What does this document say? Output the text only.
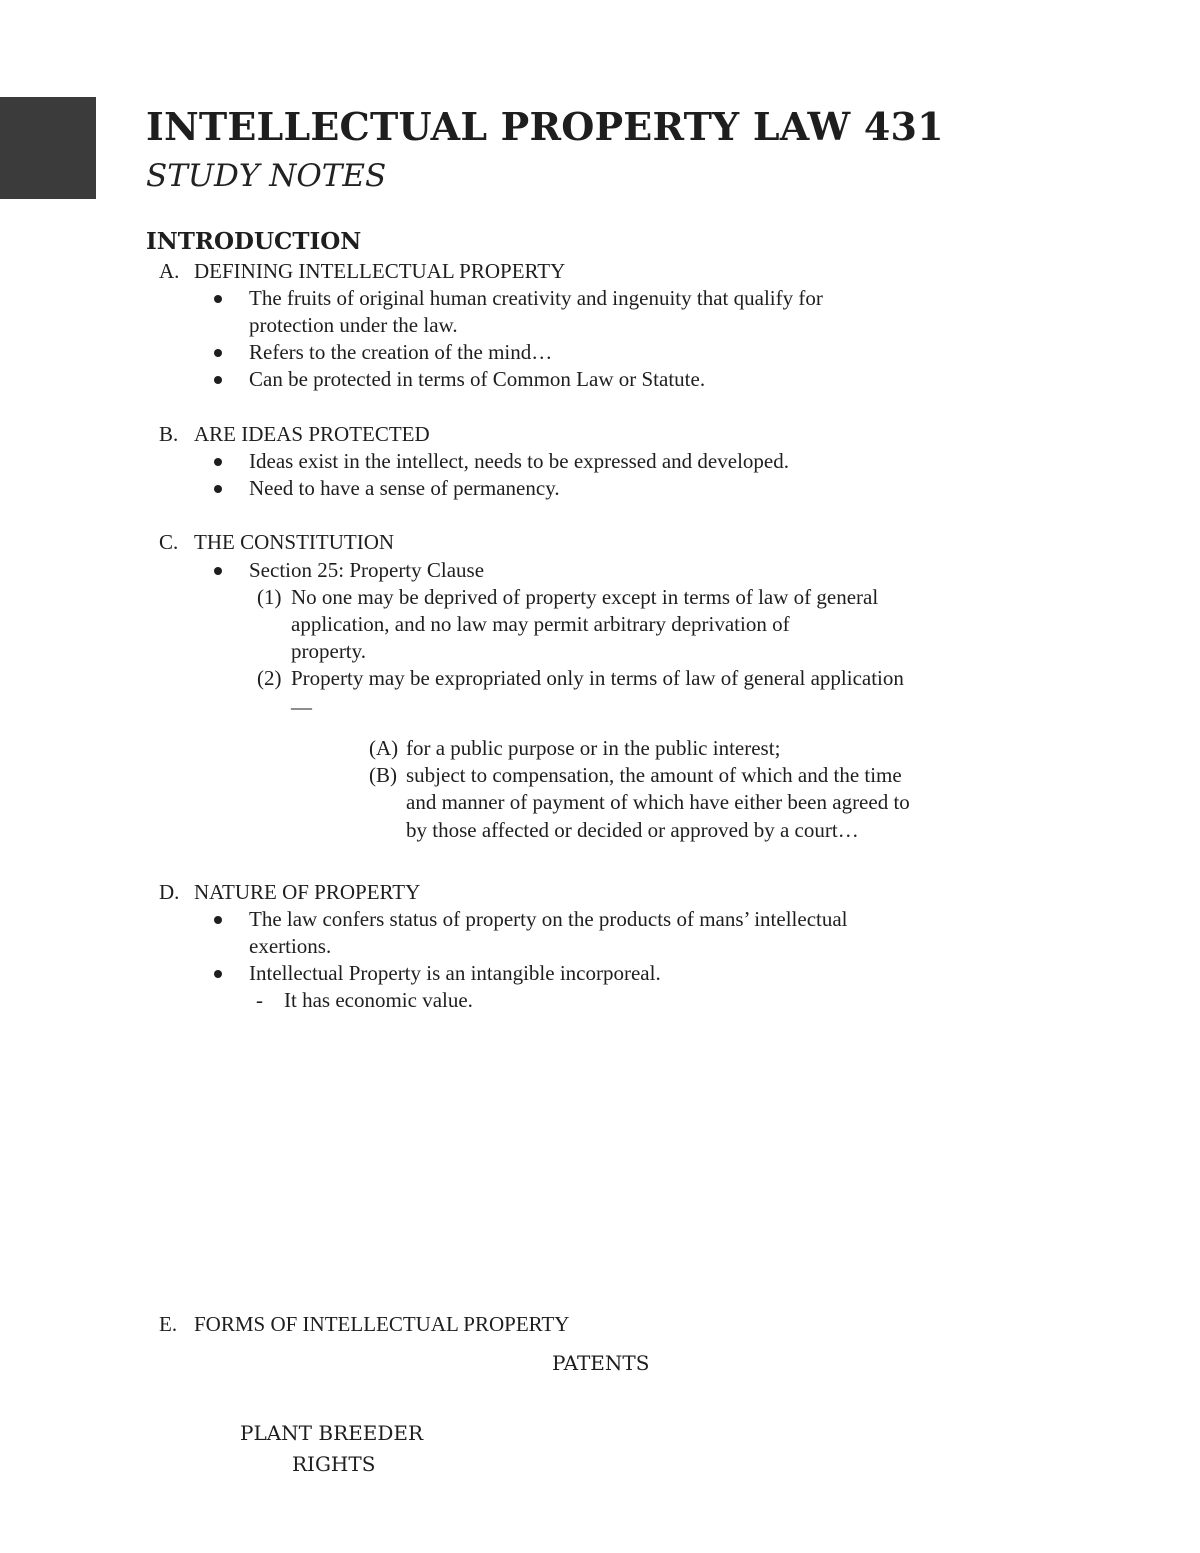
INTELLECTUAL PROPERTY LAW 431
STUDY NOTES
INTRODUCTION
A. DEFINING INTELLECTUAL PROPERTY
The fruits of original human creativity and ingenuity that qualify for
protection under the law.
Refers to the creation of the mind…
Can be protected in terms of Common Law or Statute.
B. ARE IDEAS PROTECTED
Ideas exist in the intellect, needs to be expressed and developed.
Need to have a sense of permanency.
C. THE CONSTITUTION
Section 25: Property Clause
(1) No one may be deprived of property except in terms of law of general
application, and no law may permit arbitrary deprivation of
property.
(2) Property may be expropriated only in terms of law of general application
—
(A) for a public purpose or in the public interest;
(B) subject to compensation, the amount of which and the time
and manner of payment of which have either been agreed to
by those affected or decided or approved by a court…
D. NATURE OF PROPERTY
The law confers status of property on the products of mans’ intellectual
exertions.
Intellectual Property is an intangible incorporeal.
- It has economic value.
E. FORMS OF INTELLECTUAL PROPERTY
PATENTS
PLANT BREEDER
RIGHTS
